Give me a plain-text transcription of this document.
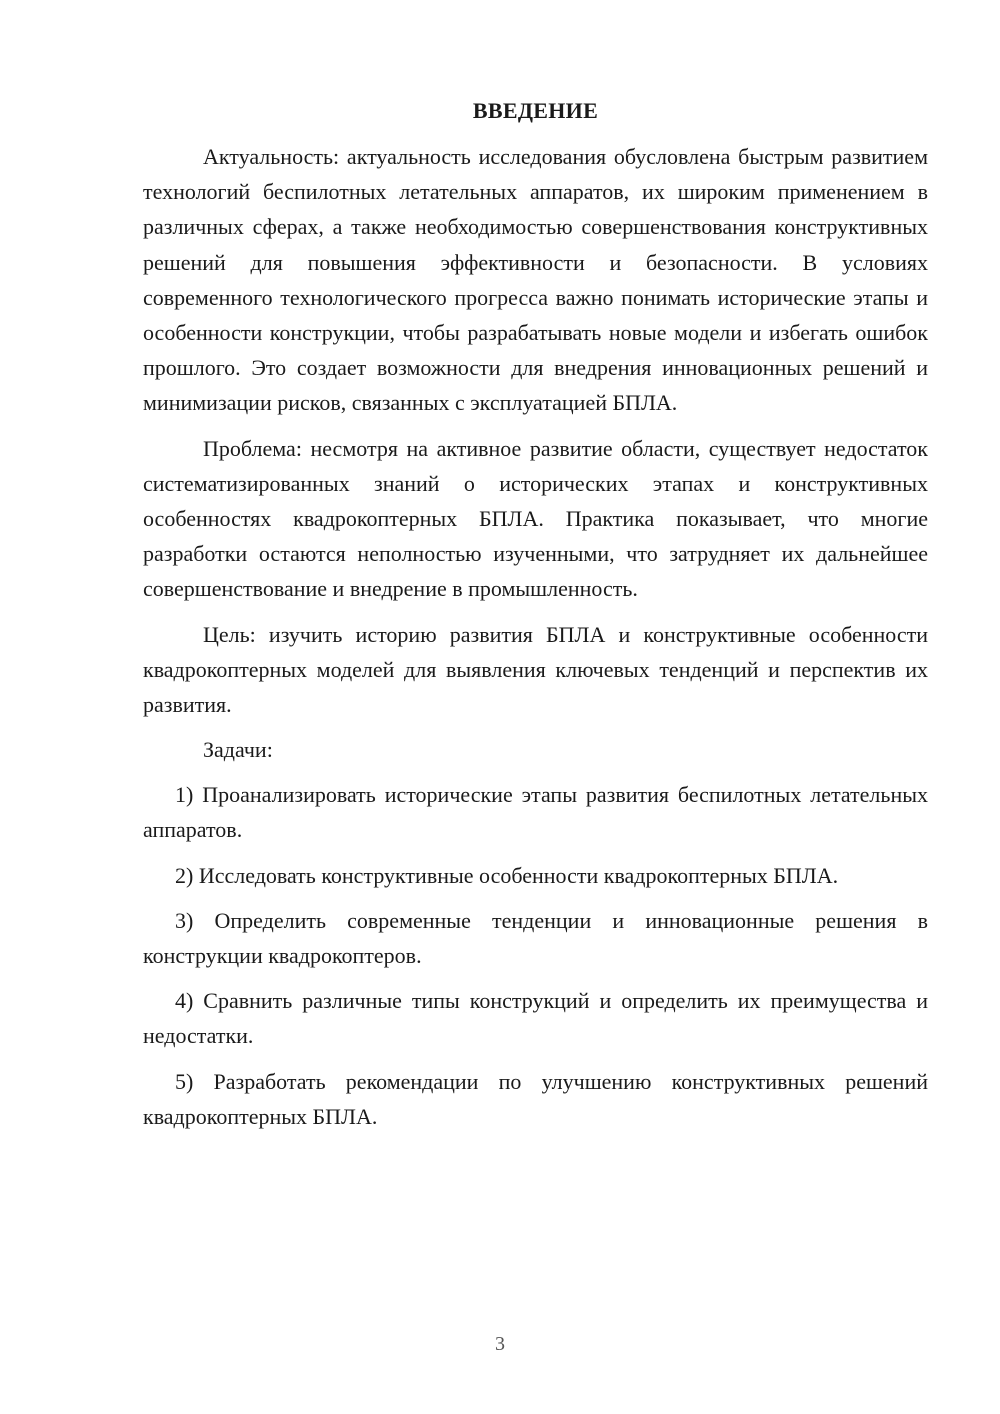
ВВЕДЕНИЕ

Актуальность: актуальность исследования обусловлена быстрым развитием технологий беспилотных летательных аппаратов, их широким применением в различных сферах, а также необходимостью совершенствования конструктивных решений для повышения эффективности и безопасности. В условиях современного технологического прогресса важно понимать исторические этапы и особенности конструкции, чтобы разрабатывать новые модели и избегать ошибок прошлого. Это создает возможности для внедрения инновационных решений и минимизации рисков, связанных с эксплуатацией БПЛА.

Проблема: несмотря на активное развитие области, существует недостаток систематизированных знаний о исторических этапах и конструктивных особенностях квадрокоптерных БПЛА. Практика показывает, что многие разработки остаются неполностью изученными, что затрудняет их дальнейшее совершенствование и внедрение в промышленность.

Цель: изучить историю развития БПЛА и конструктивные особенности квадрокоптерных моделей для выявления ключевых тенденций и перспектив их развития.

Задачи:

1) Проанализировать исторические этапы развития беспилотных летательных аппаратов.

2) Исследовать конструктивные особенности квадрокоптерных БПЛА.

3) Определить современные тенденции и инновационные решения в конструкции квадрокоптеров.

4) Сравнить различные типы конструкций и определить их преимущества и недостатки.

5) Разработать рекомендации по улучшению конструктивных решений квадрокоптерных БПЛА.

3
